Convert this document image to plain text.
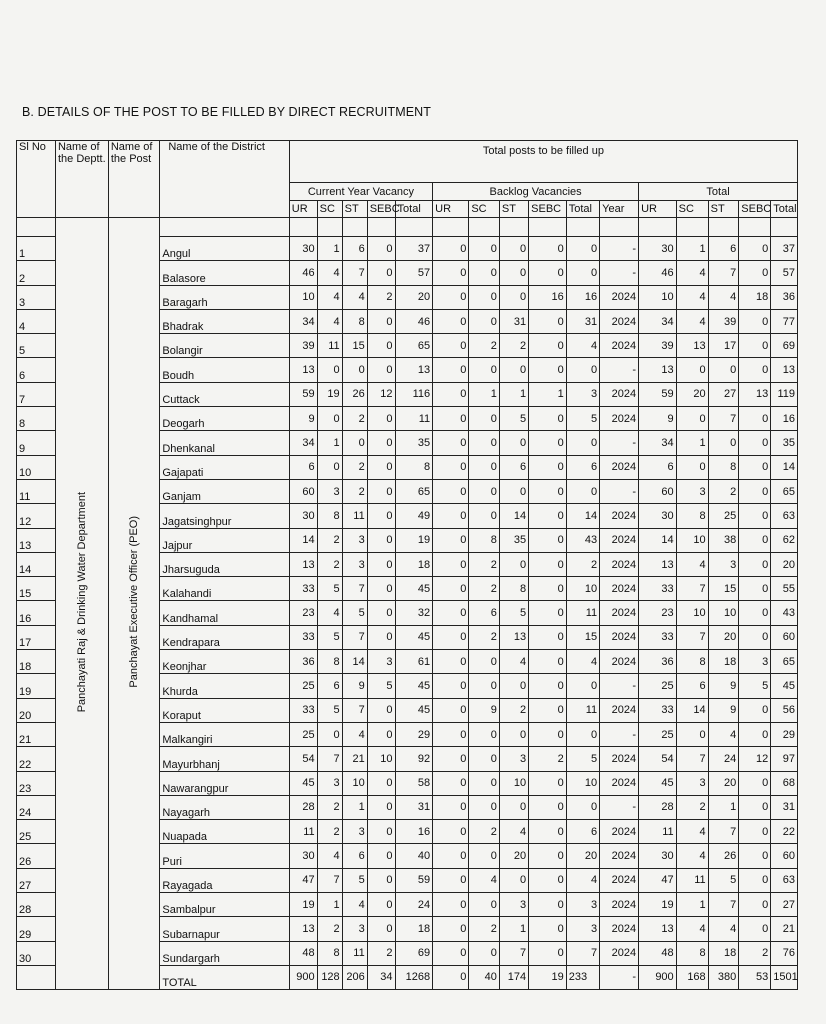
B. DETAILS OF THE POST TO BE FILLED BY DIRECT RECRUITMENT
Sl No	Name of the Deptt.	Name of the Post	Name of the District	Total posts to be filled up															
				Current Year Vacancy					Backlog Vacancies						Total				
				UR	SC	ST	SEBC	Total	UR	SC	ST	SEBC	Total	Year	UR	SC	ST	SEBC	Total
	Panchayati Raj & Drinking Water Department	Panchayat Executive Officer (PEO)																	
1			Angul	30	1	6	0	37	0	0	0	0	0	-	30	1	6	0	37
2			Balasore	46	4	7	0	57	0	0	0	0	0	-	46	4	7	0	57
3			Baragarh	10	4	4	2	20	0	0	0	16	16	2024	10	4	4	18	36
4			Bhadrak	34	4	8	0	46	0	0	31	0	31	2024	34	4	39	0	77
5			Bolangir	39	11	15	0	65	0	2	2	0	4	2024	39	13	17	0	69
6			Boudh	13	0	0	0	13	0	0	0	0	0	-	13	0	0	0	13
7			Cuttack	59	19	26	12	116	0	1	1	1	3	2024	59	20	27	13	119
8			Deogarh	9	0	2	0	11	0	0	5	0	5	2024	9	0	7	0	16
9			Dhenkanal	34	1	0	0	35	0	0	0	0	0	-	34	1	0	0	35
10			Gajapati	6	0	2	0	8	0	0	6	0	6	2024	6	0	8	0	14
11			Ganjam	60	3	2	0	65	0	0	0	0	0	-	60	3	2	0	65
12			Jagatsinghpur	30	8	11	0	49	0	0	14	0	14	2024	30	8	25	0	63
13			Jajpur	14	2	3	0	19	0	8	35	0	43	2024	14	10	38	0	62
14			Jharsuguda	13	2	3	0	18	0	2	0	0	2	2024	13	4	3	0	20
15			Kalahandi	33	5	7	0	45	0	2	8	0	10	2024	33	7	15	0	55
16			Kandhamal	23	4	5	0	32	0	6	5	0	11	2024	23	10	10	0	43
17			Kendrapara	33	5	7	0	45	0	2	13	0	15	2024	33	7	20	0	60
18			Keonjhar	36	8	14	3	61	0	0	4	0	4	2024	36	8	18	3	65
19			Khurda	25	6	9	5	45	0	0	0	0	0	-	25	6	9	5	45
20			Koraput	33	5	7	0	45	0	9	2	0	11	2024	33	14	9	0	56
21			Malkangiri	25	0	4	0	29	0	0	0	0	0	-	25	0	4	0	29
22			Mayurbhanj	54	7	21	10	92	0	0	3	2	5	2024	54	7	24	12	97
23			Nawarangpur	45	3	10	0	58	0	0	10	0	10	2024	45	3	20	0	68
24			Nayagarh	28	2	1	0	31	0	0	0	0	0	-	28	2	1	0	31
25			Nuapada	11	2	3	0	16	0	2	4	0	6	2024	11	4	7	0	22
26			Puri	30	4	6	0	40	0	0	20	0	20	2024	30	4	26	0	60
27			Rayagada	47	7	5	0	59	0	4	0	0	4	2024	47	11	5	0	63
28			Sambalpur	19	1	4	0	24	0	0	3	0	3	2024	19	1	7	0	27
29			Subarnapur	13	2	3	0	18	0	2	1	0	3	2024	13	4	4	0	21
30			Sundargarh	48	8	11	2	69	0	0	7	0	7	2024	48	8	18	2	76
			TOTAL	900	128	206	34	1268	0	40	174	19	233	-	900	168	380	53	1501
